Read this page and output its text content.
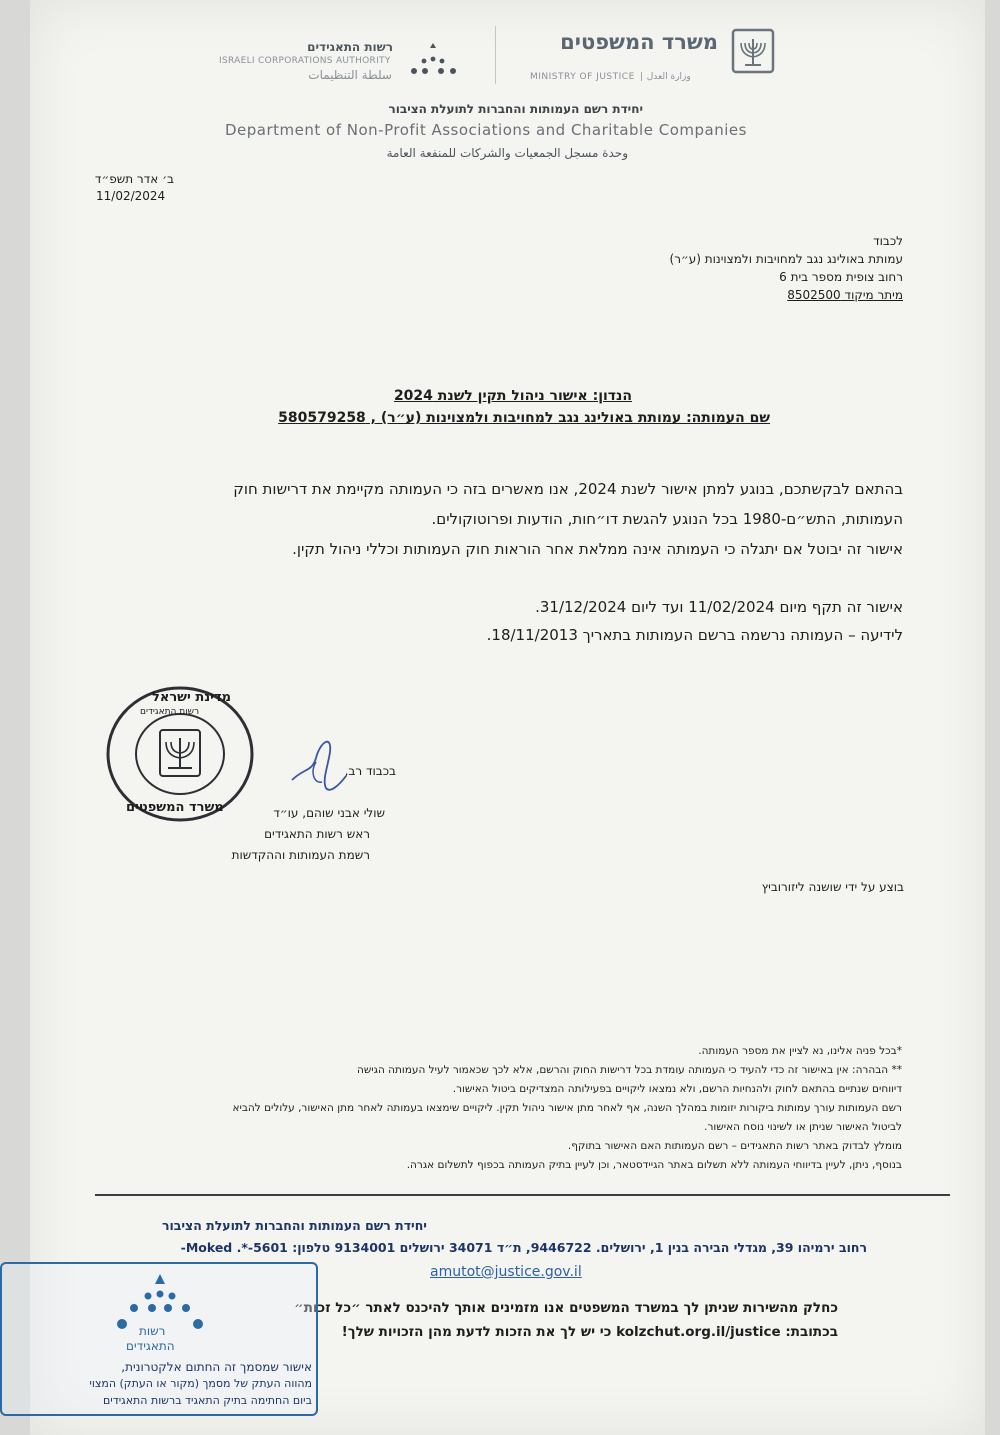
משרד המשפטים
MINISTRY OF JUSTICE | وزارة العدل
רשות התאגידים
ISRAELI CORPORATIONS AUTHORITY
سلطة التنظيمات
יחידת רשם העמותות והחברות לתועלת הציבור
Department of Non-Profit Associations and Charitable Companies
وحدة مسجل الجمعيات والشركات للمنفعة العامة
ב׳ אדר תשפ״ד
11/02/2024
לכבוד
עמותת באולינג נגב למחויבות ולמצוינות (ע״ר)
רחוב צופית מספר בית 6
מיתר מיקוד 8502500
הנדון: אישור ניהול תקין לשנת 2024
שם העמותה: עמותת באולינג נגב למחויבות ולמצוינות (ע״ר) , 580579258
בהתאם לבקשתכם, בנוגע למתן אישור לשנת 2024, אנו מאשרים בזה כי העמותה מקיימת את דרישות חוק
העמותות, התש״ם-1980 בכל הנוגע להגשת דו״חות, הודעות ופרוטוקולים.
אישור זה יבוטל אם יתגלה כי העמותה אינה ממלאת אחר הוראות חוק העמותות וכללי ניהול תקין.
אישור זה תקף מיום 11/02/2024 ועד ליום 31/12/2024.
לידיעה – העמותה נרשמה ברשם העמותות בתאריך 18/11/2013.
מדינת ישראל
רשות התאגידים
משרד המשפטים
בכבוד רב,
שולי אבני שוהם, עו״ד
ראש רשות התאגידים
רשמת העמותות וההקדשות
בוצע על ידי שושנה ליזורוביץ
*בכל פניה אלינו, נא לציין את מספר העמותה.
** הבהרה: אין באישור זה כדי להעיד כי העמותה עומדת בכל דרישות החוק והרשם, אלא לכך שכאמור לעיל העמותה הגישה
דיווחים שנתיים בהתאם לחוק ולהנחיות הרשם, ולא נמצאו ליקויים בפעילותה המצדיקים ביטול האישור.
רשם העמותות עורך עמותות ביקורות יזומות במהלך השנה, אף לאחר מתן אישור ניהול תקין. ליקויים שימצאו בעמותה לאחר מתן האישור, עלולים להביא
לביטול האישור שניתן או לשינוי נוסח האישור.
מומלץ לבדוק באתר רשות התאגידים – רשם העמותות האם האישור בתוקף.
בנוסף, ניתן, לעיין בדיווחי העמותה ללא תשלום באתר הגיידסטאר, וכן לעיין בתיק העמותה בכפוף לתשלום אגרה.
יחידת רשם העמותות והחברות לתועלת הציבור
רחוב ירמיהו 39, מגדלי הבירה בנין 1, ירושלים. 9446722, ת״ד 34071 ירושלים 9134001 טלפון: 5601-*. Moked-
amutot@justice.gov.il
כחלק מהשירות שניתן לך במשרד המשפטים אנו מזמינים אותך להיכנס לאתר ״כל זכות״
בכתובת: kolzchut.org.il/justice כי יש לך את הזכות לדעת מהן הזכויות שלך!
רשות
התאגידים
אישור שמסמך זה החתום אלקטרונית,
מהווה העתק של מסמך (מקור או העתק) המצוי
ביום החתימה בתיק התאגיד ברשות התאגידים
